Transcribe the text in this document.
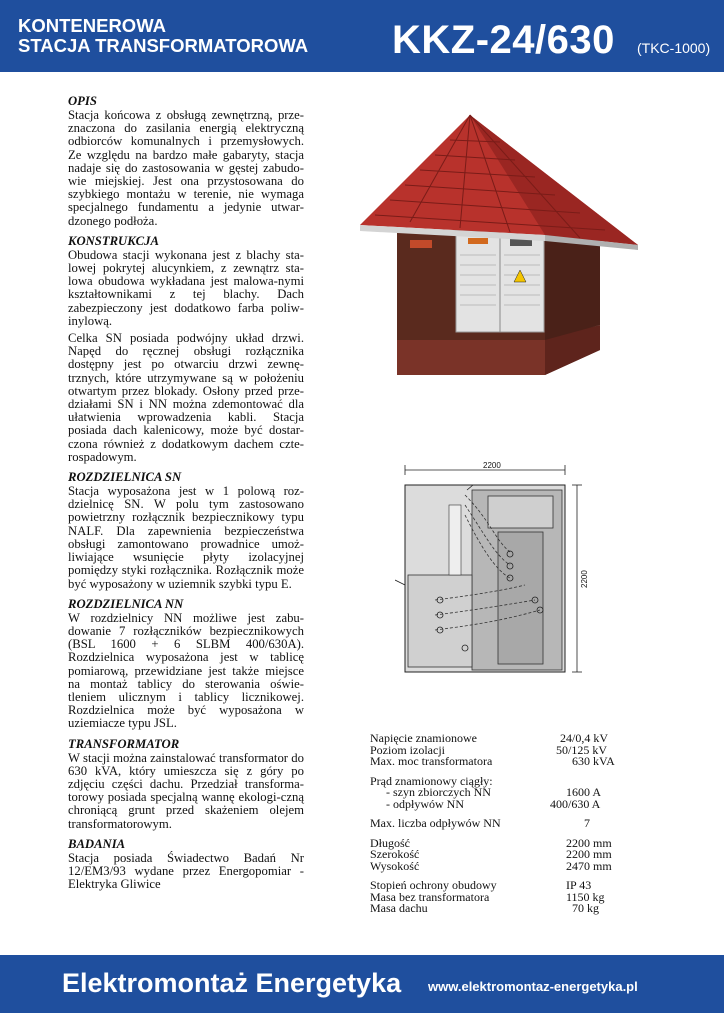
KONTENEROWA
STACJA TRANSFORMATOROWA KKZ-24/630 (TKC-1000)
OPIS

Stacja końcowa z obsługą zewnętrzną, prze-znaczona do zasilania energią elektryczną odbiorców komunalnych i przemysłowych. Ze względu na bardzo małe gabaryty, stacja nadaje się do zastosowania w gęstej zabudo-wie miejskiej. Jest ona przystosowana do szybkiego montażu w terenie, nie wymaga specjalnego fundamentu a jedynie utwar-dzonego podłoża.

KONSTRUKCJA

Obudowa stacji wykonana jest z blachy sta-lowej pokrytej alucynkiem, z zewnątrz sta-lowa obudowa wykładana jest malowa-nymi kształtownikami z tej blachy. Dach zabezpieczony jest dodatkowo farba poliw-inylową.

Celka SN posiada podwójny układ drzwi. Napęd do ręcznej obsługi rozłącznika dostępny jest po otwarciu drzwi zewnę-trznych, które utrzymywane są w położeniu otwartym przez blokady. Osłony przed prze-działami SN i NN można zdemontować dla ułatwienia wprowadzenia kabli. Stacja posiada dach kalenicowy, może być dostar-czona również z dodatkowym dachem czte-rospadowym.

ROZDZIELNICA SN

Stacja wyposażona jest w 1 polową roz-dzielnicę SN. W polu tym zastosowano powietrzny rozłącznik bezpiecznikowy typu NALF. Dla zapewnienia bezpieczeństwa obsługi zamontowano prowadnice umoż-liwiające wsunięcie płyty izolacyjnej pomiędzy styki rozłącznika. Rozłącznik może być wyposażony w uziemnik szybki typu E.

ROZDZIELNICA NN

W rozdzielnicy NN możliwe jest zabu-dowanie 7 rozłączników bezpiecznikowych (BSL 1600 + 6 SLBM 400/630A). Rozdzielnica wyposażona jest w tablicę pomiarową, przewidziane jest także miejsce na montaż tablicy do sterowania oświe-tleniem ulicznym i tablicy licznikowej. Rozdzielnica może być wyposażona w uziemiacze typu JSL.

TRANSFORMATOR

W stacji można zainstalować transformator do 630 kVA, który umieszcza się z góry po zdjęciu części dachu. Przedział transforma-torowy posiada specjalną wannę ekologi-czną chroniącą grunt przed skażeniem olejem transformatorowym.

BADANIA

Stacja posiada Świadectwo Badań Nr 12/EM3/93 wydane przez Energopomiar -Elektryka Gliwice

2200
2200
Napięcie znamionowe	24/0,4 kV
Poziom izolacji	50/125 kV
Max. moc transformatora	630 kVA
Prąd znamionowy ciągły:
- szyn zbiorczych NN	1600 A
- odpływów NN	400/630 A
Max. liczba odpływów NN	7
Długość	2200 mm
Szerokość	2200 mm
Wysokość	2470 mm
Stopień ochrony obudowy	IP 43
Masa bez transformatora	1150 kg
Masa dachu	70 kg
Elektromontaż Energetyka www.elektromontaz-energetyka.pl
